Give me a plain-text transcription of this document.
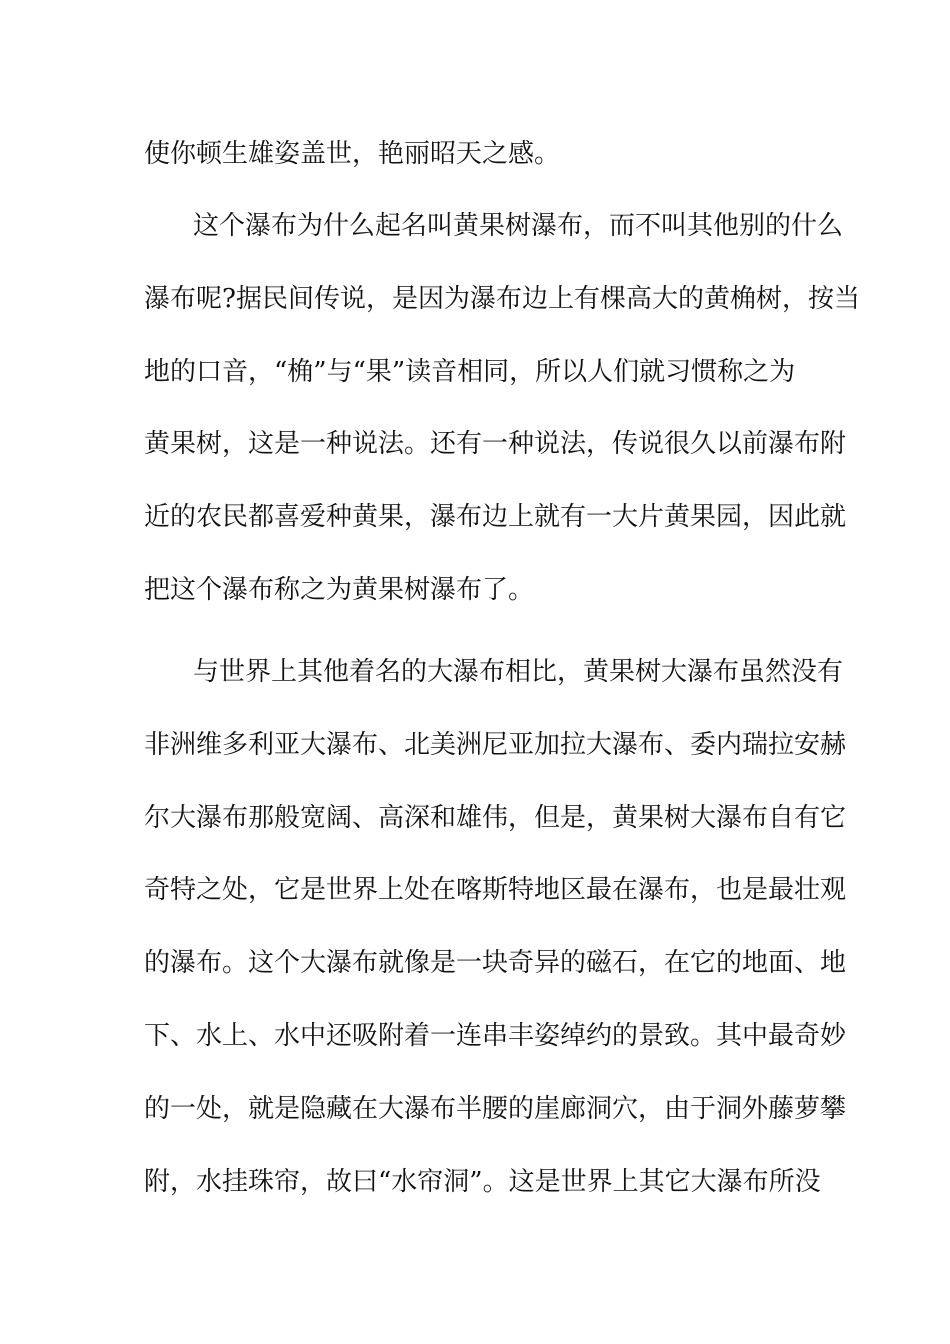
使你顿生雄姿盖世，艳丽昭天之感。
这个瀑布为什么起名叫黄果树瀑布，而不叫其他别的什么
瀑布呢?据民间传说，是因为瀑布边上有棵高大的黄桷树，按当
地的口音，“桷”与“果”读音相同，所以人们就习惯称之为
黄果树，这是一种说法。还有一种说法，传说很久以前瀑布附
近的农民都喜爱种黄果，瀑布边上就有一大片黄果园，因此就
把这个瀑布称之为黄果树瀑布了。
与世界上其他着名的大瀑布相比，黄果树大瀑布虽然没有
非洲维多利亚大瀑布、北美洲尼亚加拉大瀑布、委内瑞拉安赫
尔大瀑布那般宽阔、高深和雄伟，但是，黄果树大瀑布自有它
奇特之处，它是世界上处在喀斯特地区最在瀑布，也是最壮观
的瀑布。这个大瀑布就像是一块奇异的磁石，在它的地面、地
下、水上、水中还吸附着一连串丰姿绰约的景致。其中最奇妙
的一处，就是隐藏在大瀑布半腰的崖廊洞穴，由于洞外藤萝攀
附，水挂珠帘，故曰“水帘洞”。这是世界上其它大瀑布所没
